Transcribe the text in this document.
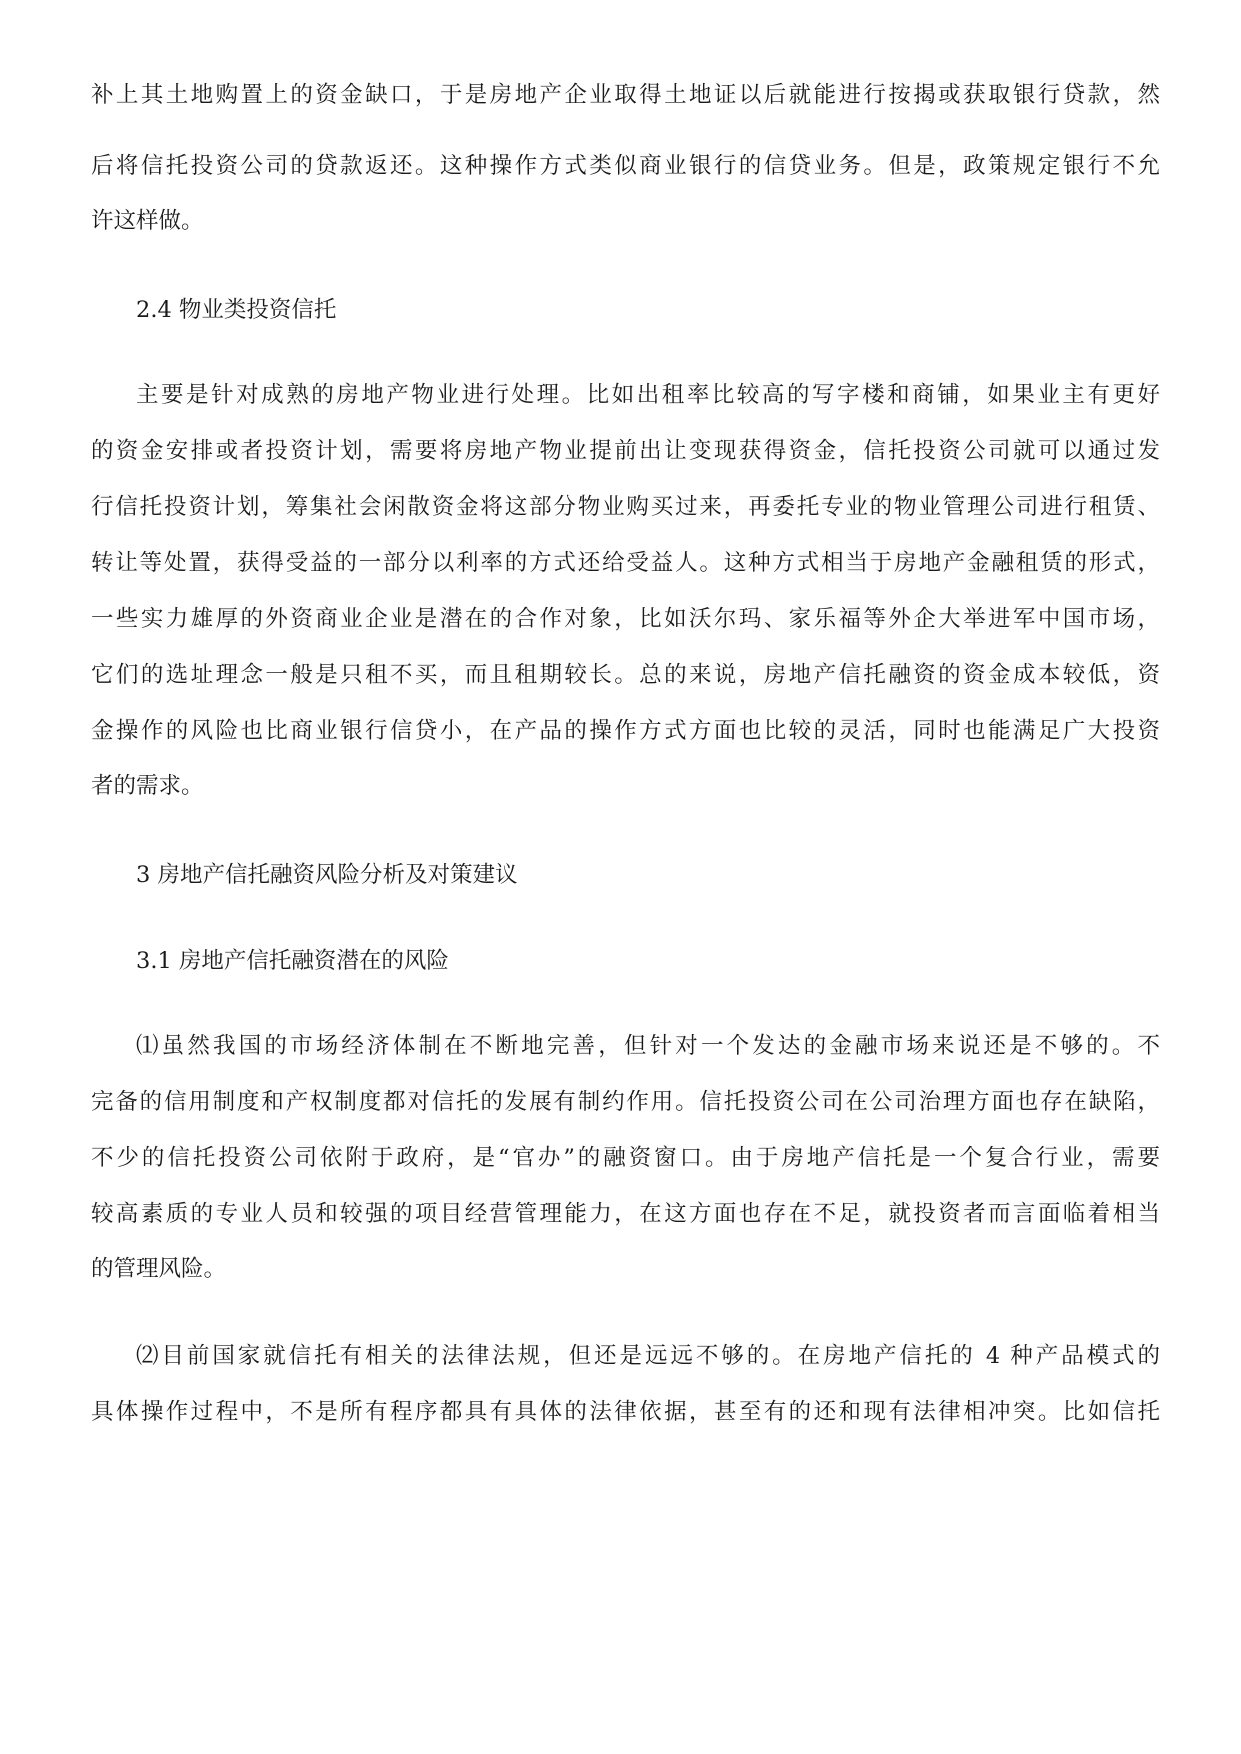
补上其土地购置上的资金缺口，于是房地产企业取得土地证以后就能进行按揭或获取银行贷款，然
后将信托投资公司的贷款返还。这种操作方式类似商业银行的信贷业务。但是，政策规定银行不允
许这样做。
2.4 物业类投资信托
主要是针对成熟的房地产物业进行处理。比如出租率比较高的写字楼和商铺，如果业主有更好
的资金安排或者投资计划，需要将房地产物业提前出让变现获得资金，信托投资公司就可以通过发
行信托投资计划，筹集社会闲散资金将这部分物业购买过来，再委托专业的物业管理公司进行租赁、
转让等处置，获得受益的一部分以利率的方式还给受益人。这种方式相当于房地产金融租赁的形式，
一些实力雄厚的外资商业企业是潜在的合作对象，比如沃尔玛、家乐福等外企大举进军中国市场，
它们的选址理念一般是只租不买，而且租期较长。总的来说，房地产信托融资的资金成本较低，资
金操作的风险也比商业银行信贷小，在产品的操作方式方面也比较的灵活，同时也能满足广大投资
者的需求。
3 房地产信托融资风险分析及对策建议
3.1 房地产信托融资潜在的风险
⑴虽然我国的市场经济体制在不断地完善，但针对一个发达的金融市场来说还是不够的。不
完备的信用制度和产权制度都对信托的发展有制约作用。信托投资公司在公司治理方面也存在缺陷，
不少的信托投资公司依附于政府，是“官办”的融资窗口。由于房地产信托是一个复合行业，需要
较高素质的专业人员和较强的项目经营管理能力，在这方面也存在不足，就投资者而言面临着相当
的管理风险。
⑵目前国家就信托有相关的法律法规，但还是远远不够的。在房地产信托的 4 种产品模式的
具体操作过程中，不是所有程序都具有具体的法律依据，甚至有的还和现有法律相冲突。比如信托
